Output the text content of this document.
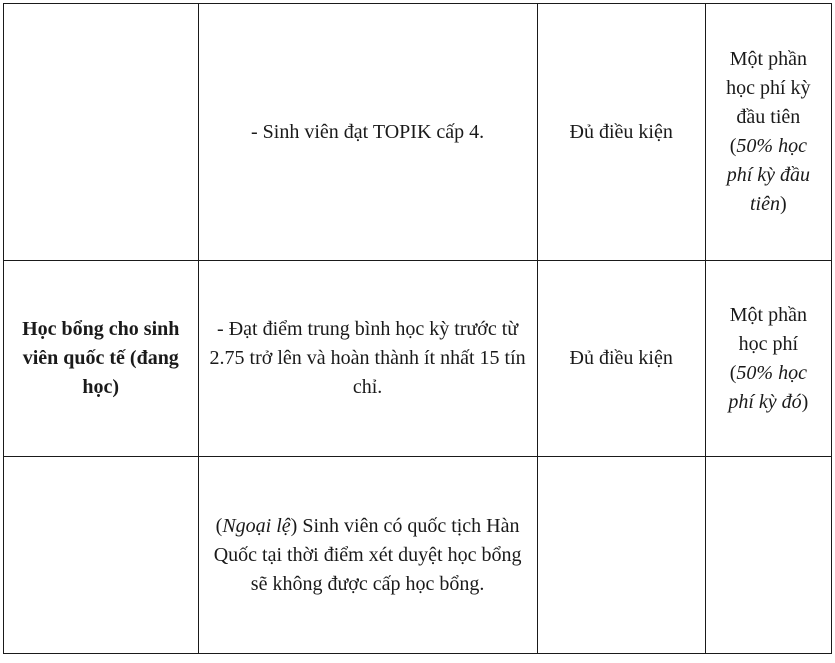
	- Sinh viên đạt TOPIK cấp 4.	Đủ điều kiện	Một phần
học phí kỳ
đầu tiên
(50% học phí kỳ đầu tiên)
Học bổng cho sinh viên quốc tế (đang học)	- Đạt điểm trung bình học kỳ trước từ 2.75 trở lên và hoàn thành ít nhất 15 tín chỉ.	Đủ điều kiện	Một phần
học phí
(50% học phí kỳ đó)
	(Ngoại lệ) Sinh viên có quốc tịch Hàn Quốc tại thời điểm xét duyệt học bổng sẽ không được cấp học bổng.		
